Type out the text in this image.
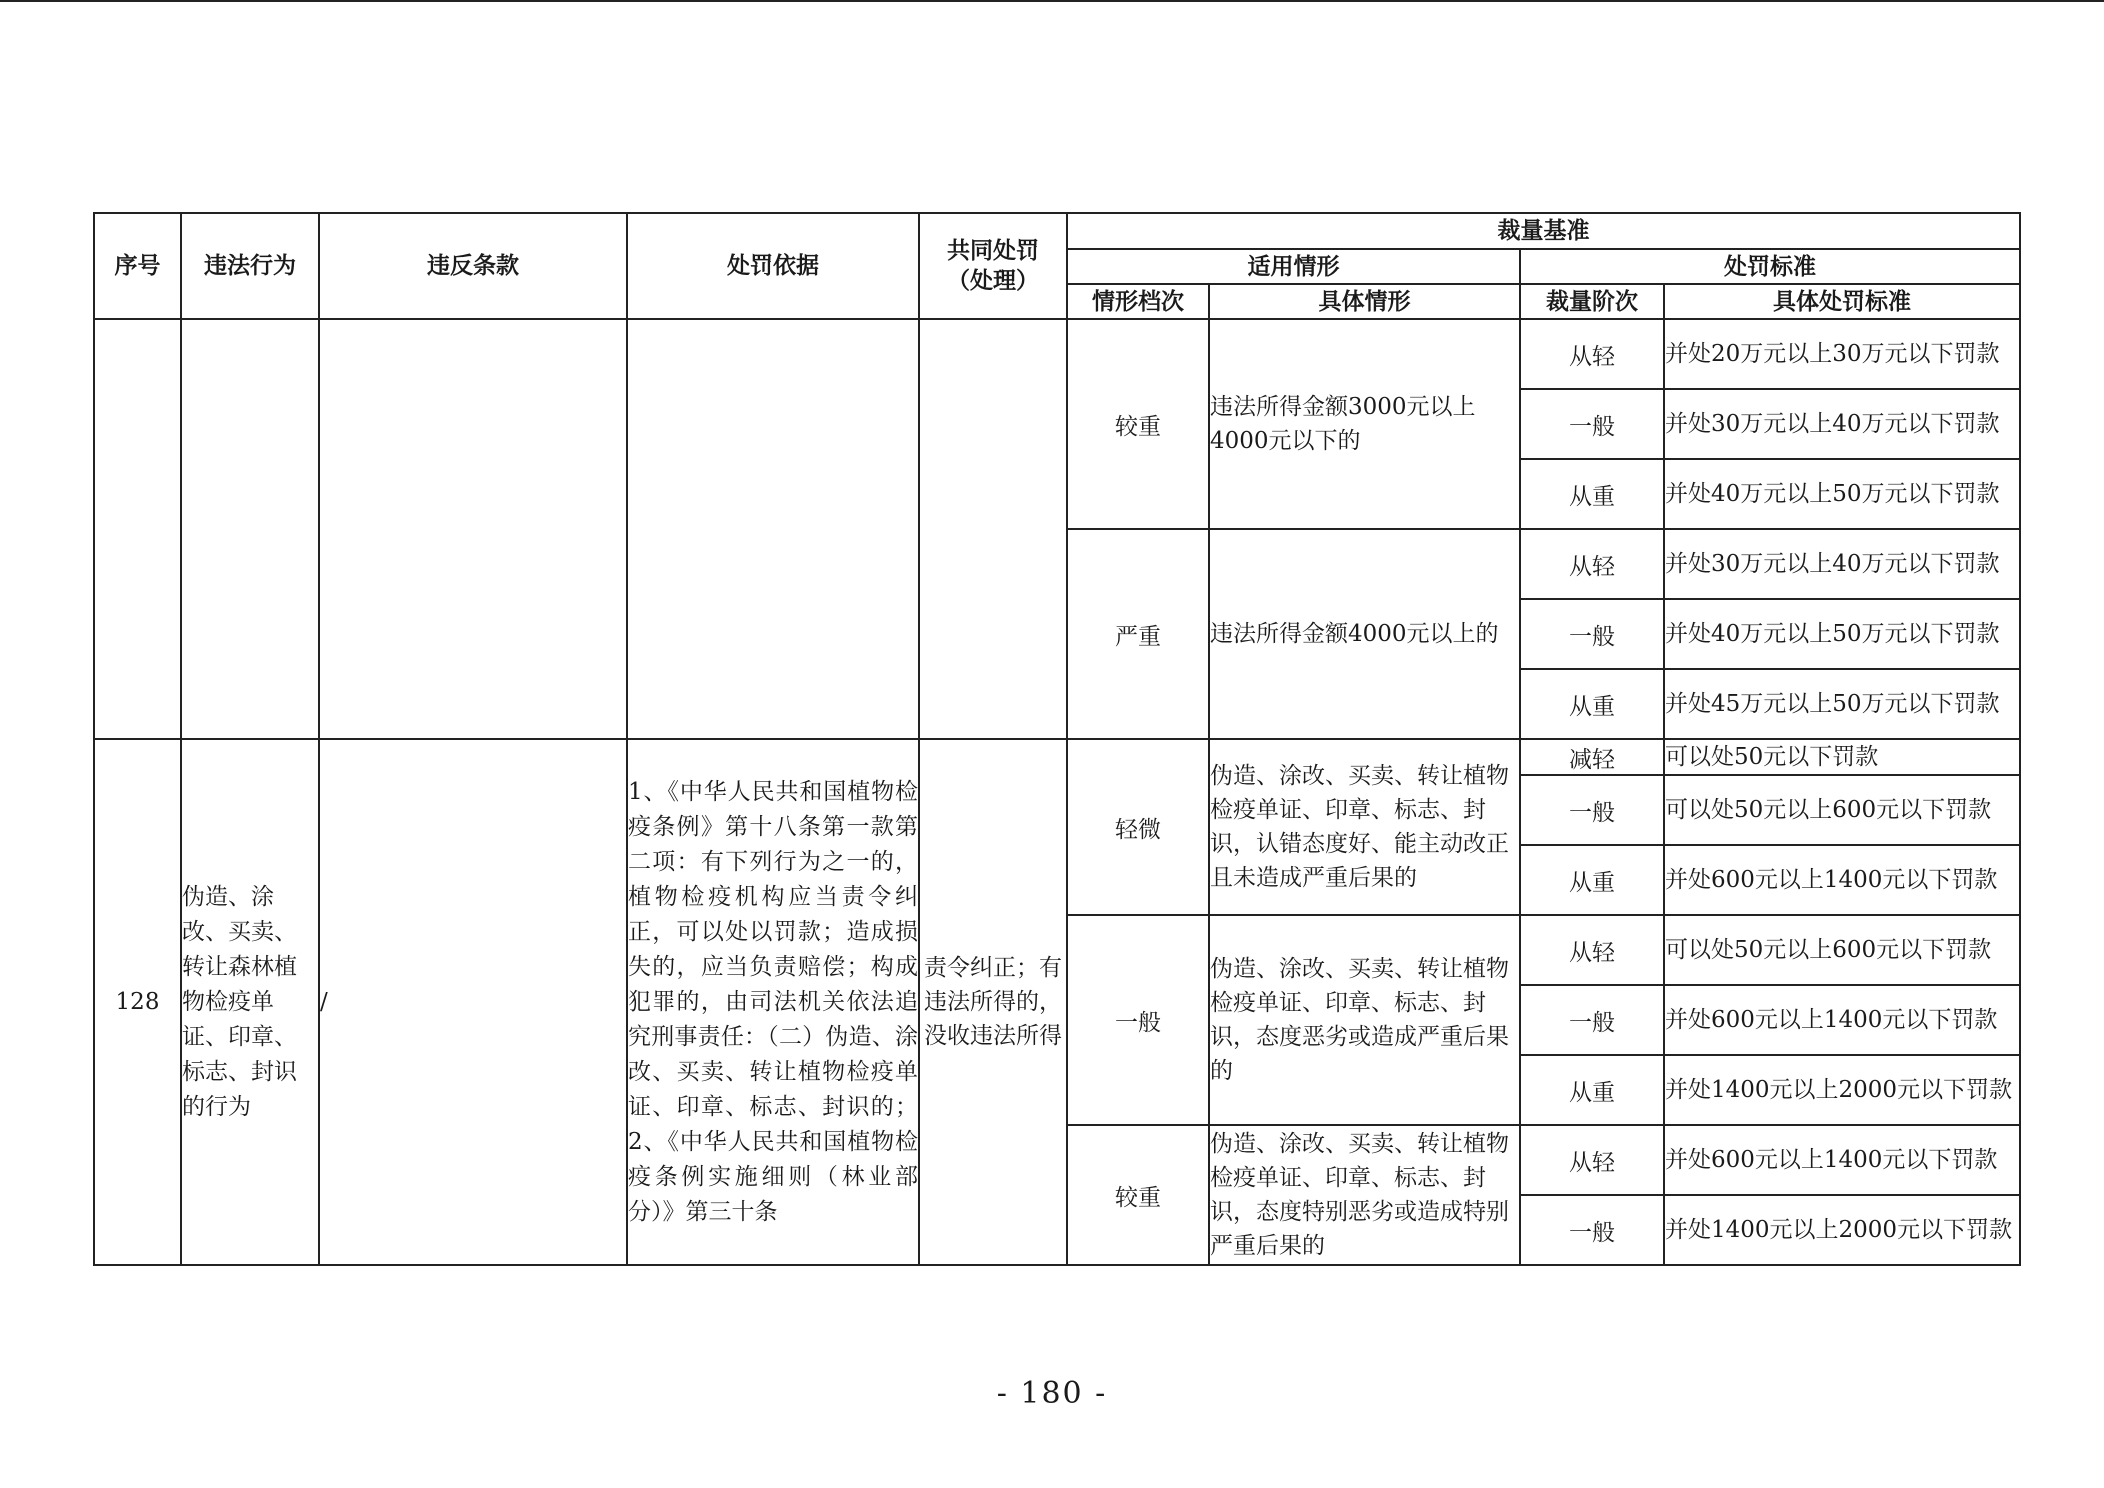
序号	违法行为	违反条款	处罚依据	共同处罚
（处理）	裁量基准			
					适用情形		处罚标准	
					情形档次	具体情形	裁量阶次	具体处罚标准
					较重	违法所得金额3000元以上4000元以下的	从轻	并处20万元以上30万元以下罚款
							一般	并处30万元以上40万元以下罚款
							从重	并处40万元以上50万元以下罚款
					严重	违法所得金额4000元以上的	从轻	并处30万元以上40万元以下罚款
							一般	并处40万元以上50万元以下罚款
							从重	并处45万元以上50万元以下罚款
128	伪造、涂改、买卖、转让森林植物检疫单证、印章、标志、封识的行为	/	1、《中华人民共和国植物检疫条例》第十八条第一款第二项：有下列行为之一的，植物检疫机构应当责令纠正，可以处以罚款；造成损失的，应当负责赔偿；构成犯罪的，由司法机关依法追究刑事责任：（二）伪造、涂改、买卖、转让植物检疫单证、印章、标志、封识的；2、《中华人民共和国植物检疫条例实施细则（林业部分）》第三十条	责令纠正；有违法所得的，没收违法所得	轻微	伪造、涂改、买卖、转让植物检疫单证、印章、标志、封识，认错态度好、能主动改正且未造成严重后果的	减轻	可以处50元以下罚款
							一般	可以处50元以上600元以下罚款
							从重	并处600元以上1400元以下罚款
					一般	伪造、涂改、买卖、转让植物检疫单证、印章、标志、封识，态度恶劣或造成严重后果的	从轻	可以处50元以上600元以下罚款
							一般	并处600元以上1400元以下罚款
							从重	并处1400元以上2000元以下罚款
					较重	伪造、涂改、买卖、转让植物检疫单证、印章、标志、封识，态度特别恶劣或造成特别严重后果的	从轻	并处600元以上1400元以下罚款
							一般	并处1400元以上2000元以下罚款
- 180 -
